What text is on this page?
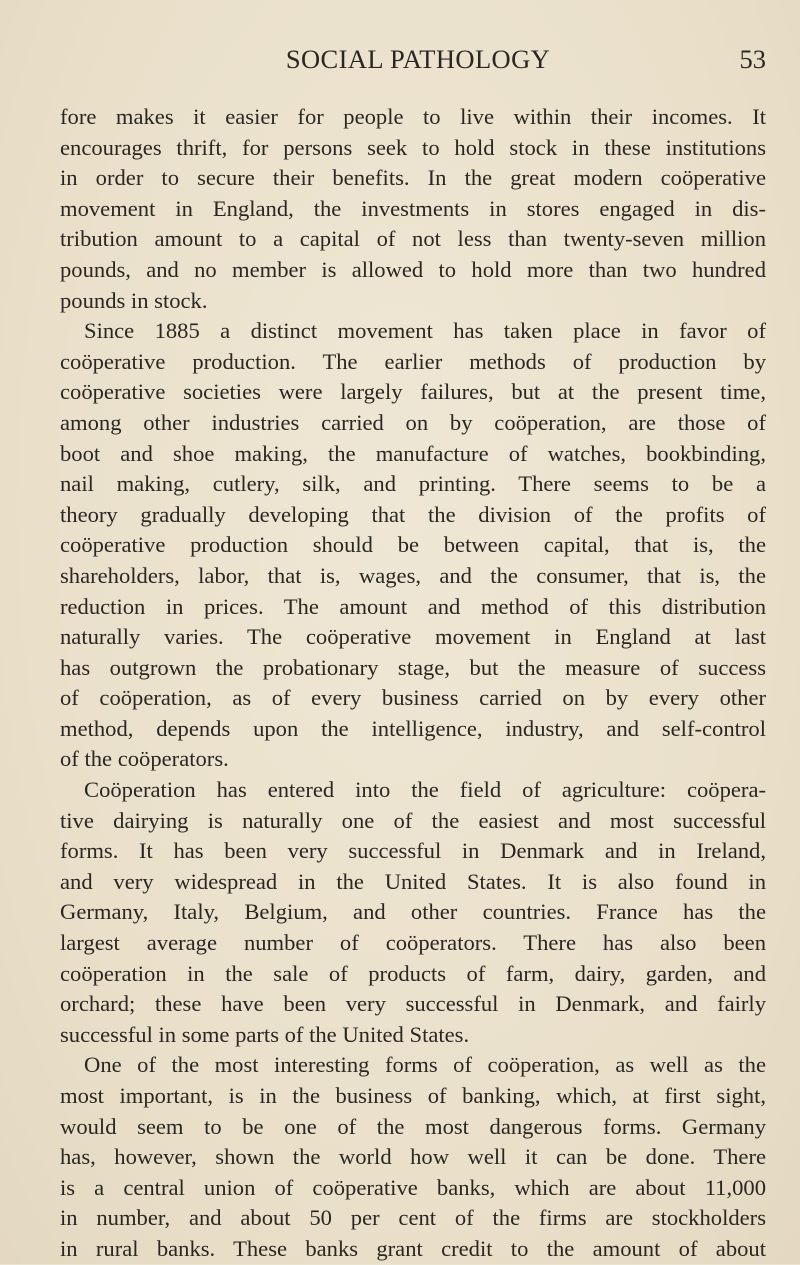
SOCIAL PATHOLOGY	53
fore makes it easier for people to live within their incomes. It
encourages thrift, for persons seek to hold stock in these institutions
in order to secure their benefits. In the great modern coöperative
movement in England, the investments in stores engaged in dis-
tribution amount to a capital of not less than twenty-seven million
pounds, and no member is allowed to hold more than two hundred
pounds in stock.
Since 1885 a distinct movement has taken place in favor of
coöperative production. The earlier methods of production by
coöperative societies were largely failures, but at the present time,
among other industries carried on by coöperation, are those of
boot and shoe making, the manufacture of watches, bookbinding,
nail making, cutlery, silk, and printing. There seems to be a
theory gradually developing that the division of the profits of
coöperative production should be between capital, that is, the
shareholders, labor, that is, wages, and the consumer, that is, the
reduction in prices. The amount and method of this distribution
naturally varies. The coöperative movement in England at last
has outgrown the probationary stage, but the measure of success
of coöperation, as of every business carried on by every other
method, depends upon the intelligence, industry, and self-control
of the coöperators.
Coöperation has entered into the field of agriculture: coöpera-
tive dairying is naturally one of the easiest and most successful
forms. It has been very successful in Denmark and in Ireland,
and very widespread in the United States. It is also found in
Germany, Italy, Belgium, and other countries. France has the
largest average number of coöperators. There has also been
coöperation in the sale of products of farm, dairy, garden, and
orchard; these have been very successful in Denmark, and fairly
successful in some parts of the United States.
One of the most interesting forms of coöperation, as well as the
most important, is in the business of banking, which, at first sight,
would seem to be one of the most dangerous forms. Germany
has, however, shown the world how well it can be done. There
is a central union of coöperative banks, which are about 11,000
in number, and about 50 per cent of the firms are stockholders
in rural banks. These banks grant credit to the amount of about
